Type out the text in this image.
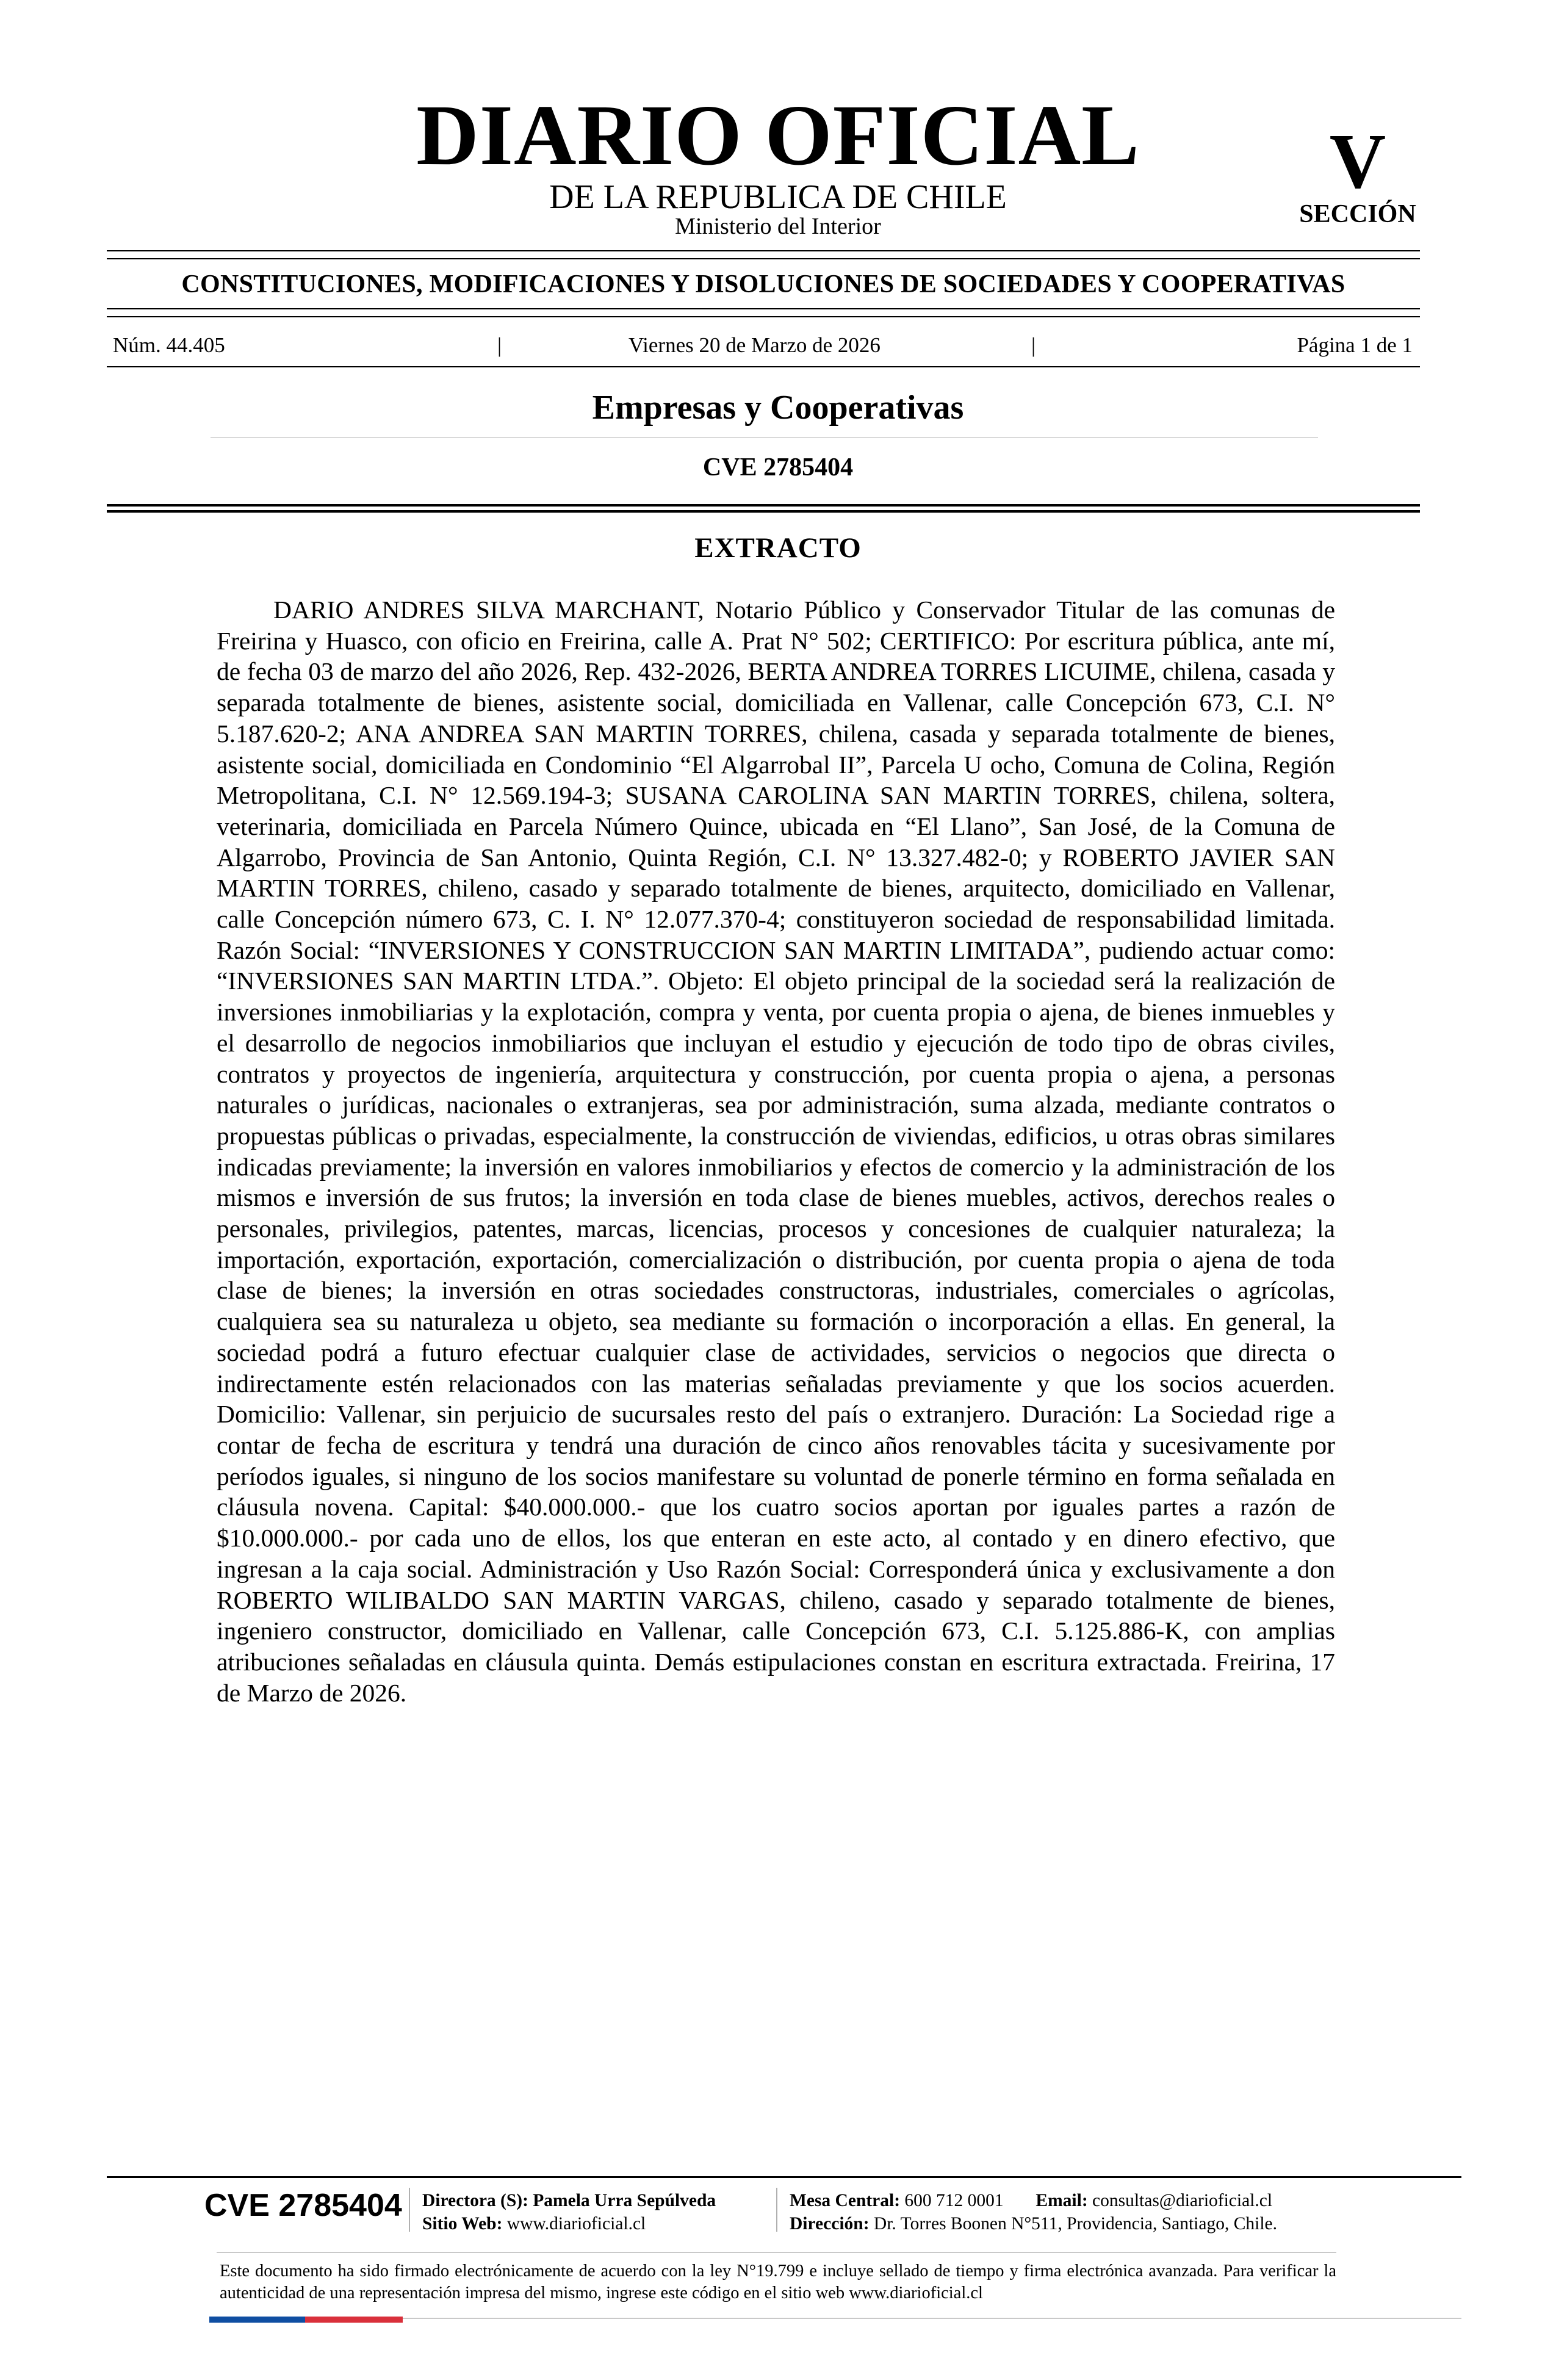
DIARIO OFICIAL
DE LA REPUBLICA DE CHILE
Ministerio del Interior
V
SECCIÓN
CONSTITUCIONES, MODIFICACIONES Y DISOLUCIONES DE SOCIEDADES Y COOPERATIVAS
Núm. 44.405	|	Viernes 20 de Marzo de 2026	|	Página 1 de 1
Empresas y Cooperativas
CVE 2785404
EXTRACTO
DARIO ANDRES SILVA MARCHANT, Notario Público y Conservador Titular de las comunas de Freirina y Huasco, con oficio en Freirina, calle A. Prat N° 502; CERTIFICO: Por escritura pública, ante mí, de fecha 03 de marzo del año 2026, Rep. 432-2026, BERTA ANDREA TORRES LICUIME, chilena, casada y separada totalmente de bienes, asistente social, domiciliada en Vallenar, calle Concepción 673, C.I. N° 5.187.620-2; ANA ANDREA SAN MARTIN TORRES, chilena, casada y separada totalmente de bienes, asistente social, domiciliada en Condominio “El Algarrobal II”, Parcela U ocho, Comuna de Colina, Región Metropolitana, C.I. N° 12.569.194-3; SUSANA CAROLINA SAN MARTIN TORRES, chilena, soltera, veterinaria, domiciliada en Parcela Número Quince, ubicada en “El Llano”, San José, de la Comuna de Algarrobo, Provincia de San Antonio, Quinta Región, C.I. N° 13.327.482-0; y ROBERTO JAVIER SAN MARTIN TORRES, chileno, casado y separado totalmente de bienes, arquitecto, domiciliado en Vallenar, calle Concepción número 673, C. I. N° 12.077.370-4; constituyeron sociedad de responsabilidad limitada. Razón Social: “INVERSIONES Y CONSTRUCCION SAN MARTIN LIMITADA”, pudiendo actuar como: “INVERSIONES SAN MARTIN LTDA.”. Objeto: El objeto principal de la sociedad será la realización de inversiones inmobiliarias y la explotación, compra y venta, por cuenta propia o ajena, de bienes inmuebles y el desarrollo de negocios inmobiliarios que incluyan el estudio y ejecución de todo tipo de obras civiles, contratos y proyectos de ingeniería, arquitectura y construcción, por cuenta propia o ajena, a personas naturales o jurídicas, nacionales o extranjeras, sea por administración, suma alzada, mediante contratos o propuestas públicas o privadas, especialmente, la construcción de viviendas, edificios, u otras obras similares indicadas previamente; la inversión en valores inmobiliarios y efectos de comercio y la administración de los mismos e inversión de sus frutos; la inversión en toda clase de bienes muebles, activos, derechos reales o personales, privilegios, patentes, marcas, licencias, procesos y concesiones de cualquier naturaleza; la importación, exportación, exportación, comercialización o distribución, por cuenta propia o ajena de toda clase de bienes; la inversión en otras sociedades constructoras, industriales, comerciales o agrícolas, cualquiera sea su naturaleza u objeto, sea mediante su formación o incorporación a ellas. En general, la sociedad podrá a futuro efectuar cualquier clase de actividades, servicios o negocios que directa o indirectamente estén relacionados con las materias señaladas previamente y que los socios acuerden. Domicilio: Vallenar, sin perjuicio de sucursales resto del país o extranjero. Duración: La Sociedad rige a contar de fecha de escritura y tendrá una duración de cinco años renovables tácita y sucesivamente por períodos iguales, si ninguno de los socios manifestare su voluntad de ponerle término en forma señalada en cláusula novena. Capital: $40.000.000.- que los cuatro socios aportan por iguales partes a razón de $10.000.000.- por cada uno de ellos, los que enteran en este acto, al contado y en dinero efectivo, que ingresan a la caja social. Administración y Uso Razón Social: Corresponderá única y exclusivamente a don ROBERTO WILIBALDO SAN MARTIN VARGAS, chileno, casado y separado totalmente de bienes, ingeniero constructor, domiciliado en Vallenar, calle Concepción 673, C.I. 5.125.886-K, con amplias atribuciones señaladas en cláusula quinta. Demás estipulaciones constan en escritura extractada. Freirina, 17 de Marzo de 2026.
CVE 2785404 Directora (S): Pamela Urra Sepúlveda
Sitio Web: www.diarioficial.cl
Mesa Central: 600 712 0001 Email: consultas@diarioficial.cl
Dirección: Dr. Torres Boonen N°511, Providencia, Santiago, Chile.
Este documento ha sido firmado electrónicamente de acuerdo con la ley N°19.799 e incluye sellado de tiempo y firma electrónica avanzada. Para verificar la autenticidad de una representación impresa del mismo, ingrese este código en el sitio web www.diarioficial.cl
